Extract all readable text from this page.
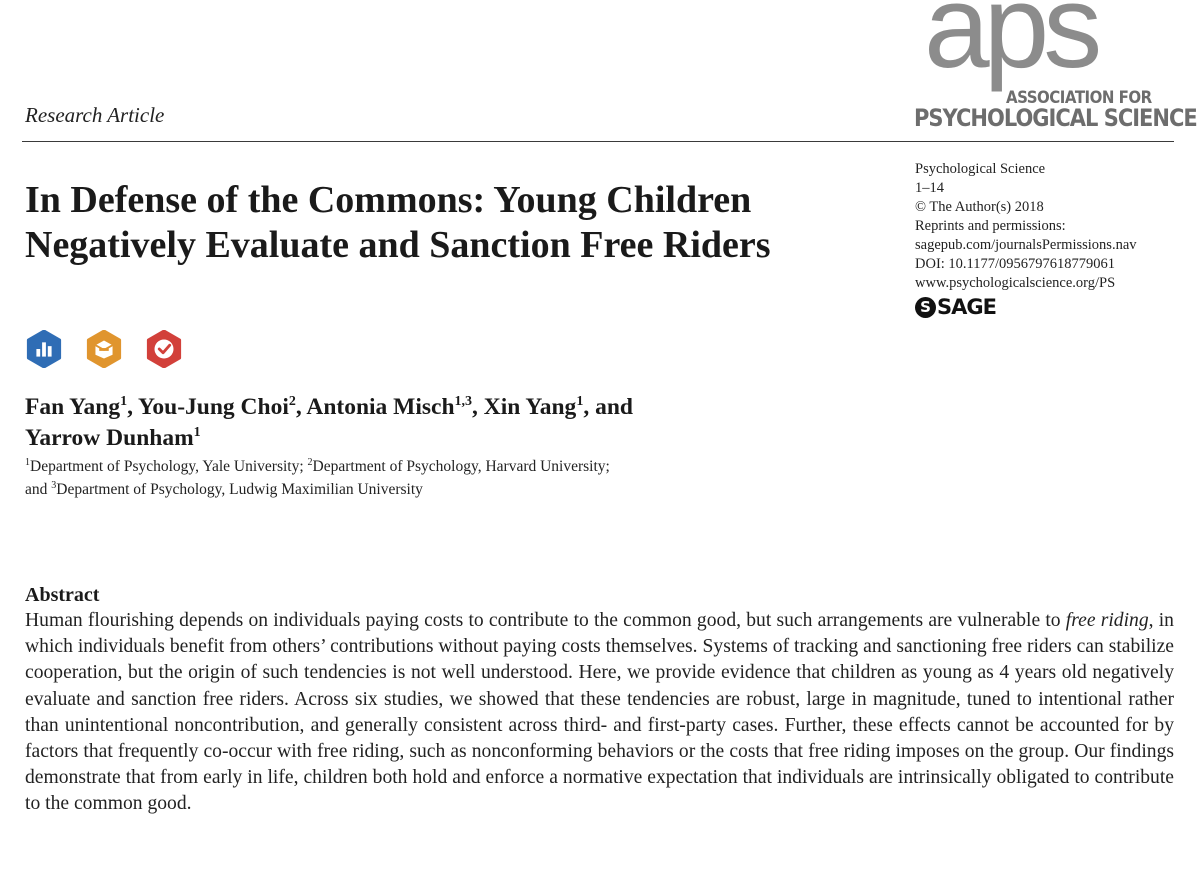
Research Article
aps
ASSOCIATION FOR
PSYCHOLOGICAL SCIENCE
Psychological Science
1–14
© The Author(s) 2018
Reprints and permissions:
sagepub.com/journalsPermissions.nav
DOI: 10.1177/0956797618779061
www.psychologicalscience.org/PS
S SAGE
In Defense of the Commons: Young Children Negatively Evaluate and Sanction Free Riders
Fan Yang$^1$, You-Jung Choi$^2$, Antonia Misch$^{1,3}$, Xin Yang$^1$, and
Yarrow Dunham$^1$
$^1$Department of Psychology, Yale University; $^2$Department of Psychology, Harvard University;
and $^3$Department of Psychology, Ludwig Maximilian University
Abstract
Human flourishing depends on individuals paying costs to contribute to the common good, but such arrangements are vulnerable to free riding, in which individuals benefit from others’ contributions without paying costs themselves. Systems of tracking and sanctioning free riders can stabilize cooperation, but the origin of such tendencies is not well understood. Here, we provide evidence that children as young as 4 years old negatively evaluate and sanction free riders. Across six studies, we showed that these tendencies are robust, large in magnitude, tuned to intentional rather than unintentional noncontribution, and generally consistent across third- and first-party cases. Further, these effects cannot be accounted for by factors that frequently co-occur with free riding, such as nonconforming behaviors or the costs that free riding imposes on the group. Our findings demonstrate that from early in life, children both hold and enforce a normative expectation that individuals are intrinsically obligated to contribute to the common good.
